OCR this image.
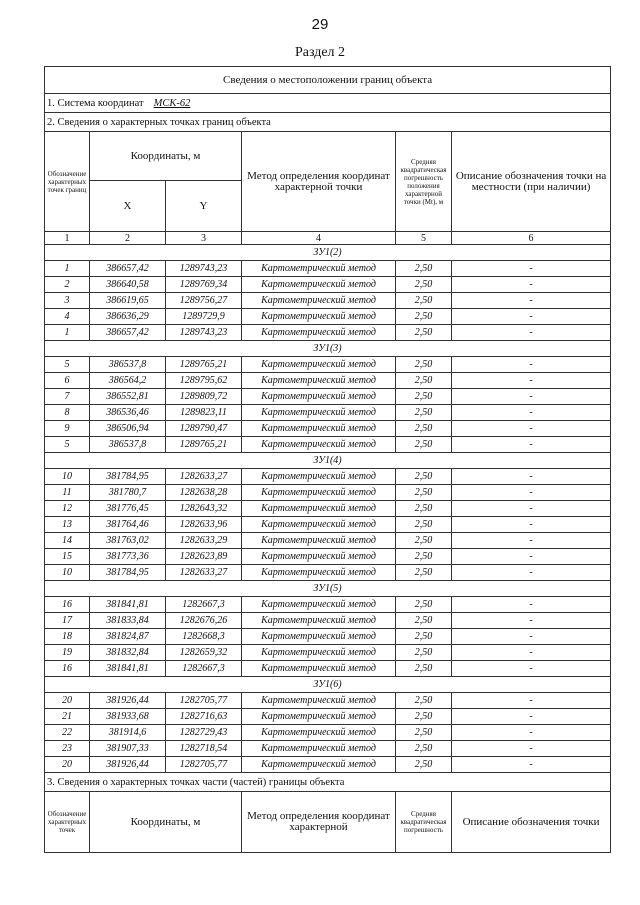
29
Раздел 2
Сведения о местоположении границ объекта					
1. Система координат МСК-62					
2. Сведения о характерных точках границ объекта					
Обозначение характерных точек границ	Координаты, м		Метод определения координат характерной точки	Средняя квадратическая погрешность положения характерной точки (Мt), м	Описание обозначения точки на местности (при наличии)
	X	Y			
1	2	3	4	5	6
ЗУ1(2)					
1	386657,42	1289743,23	Картометрический метод	2,50	-
2	386640,58	1289769,34	Картометрический метод	2,50	-
3	386619,65	1289756,27	Картометрический метод	2,50	-
4	386636,29	1289729,9	Картометрический метод	2,50	-
1	386657,42	1289743,23	Картометрический метод	2,50	-
ЗУ1(3)					
5	386537,8	1289765,21	Картометрический метод	2,50	-
6	386564,2	1289795,62	Картометрический метод	2,50	-
7	386552,81	1289809,72	Картометрический метод	2,50	-
8	386536,46	1289823,11	Картометрический метод	2,50	-
9	386506,94	1289790,47	Картометрический метод	2,50	-
5	386537,8	1289765,21	Картометрический метод	2,50	-
ЗУ1(4)					
10	381784,95	1282633,27	Картометрический метод	2,50	-
11	381780,7	1282638,28	Картометрический метод	2,50	-
12	381776,45	1282643,32	Картометрический метод	2,50	-
13	381764,46	1282633,96	Картометрический метод	2,50	-
14	381763,02	1282633,29	Картометрический метод	2,50	-
15	381773,36	1282623,89	Картометрический метод	2,50	-
10	381784,95	1282633,27	Картометрический метод	2,50	-
ЗУ1(5)					
16	381841,81	1282667,3	Картометрический метод	2,50	-
17	381833,84	1282676,26	Картометрический метод	2,50	-
18	381824,87	1282668,3	Картометрический метод	2,50	-
19	381832,84	1282659,32	Картометрический метод	2,50	-
16	381841,81	1282667,3	Картометрический метод	2,50	-
ЗУ1(6)					
20	381926,44	1282705,77	Картометрический метод	2,50	-
21	381933,68	1282716,63	Картометрический метод	2,50	-
22	381914,6	1282729,43	Картометрический метод	2,50	-
23	381907,33	1282718,54	Картометрический метод	2,50	-
20	381926,44	1282705,77	Картометрический метод	2,50	-
3. Сведения о характерных точках части (частей) границы объекта					
Обозначение характерных точек	Координаты, м		Метод определения координат характерной	Средняя квадратическая погрешность	Описание обозначения точки
